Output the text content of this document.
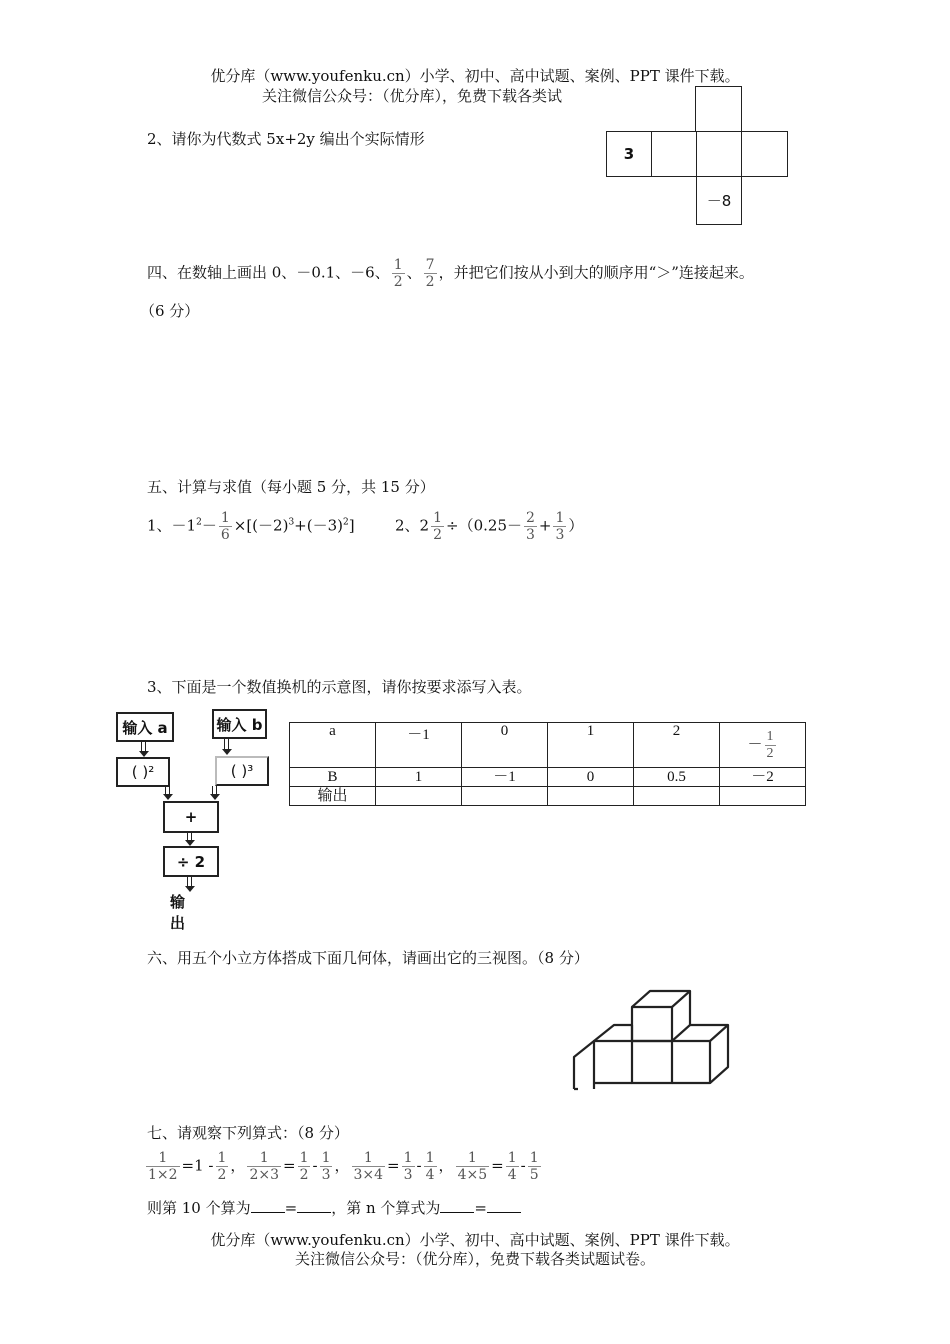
优分库（www.youfenku.cn）小学、初中、高中试题、案例、PPT 课件下载。
关注微信公众号：（优分库），免费下载各类试
2、请你为代数式 5x+2y 编出个实际情形
3
－8
四、在数轴上画出 0、－0.1、－6、 $\frac{1}{2}$ 、 $\frac{7}{2}$ ，并把它们按从小到大的顺序用“＞”连接起来。
（6 分）
五、计算与求值（每小题 5 分，共 15 分）
1、$-1^2- \frac{1}{6} \times[(-2)^3+(-3)^2]$	2、$2 \frac{1}{2} \div(0.25- \frac{2}{3} + \frac{1}{3}$ ）
3、下面是一个数值换机的示意图，请你按要求添写入表。
输入 a
( )²
输入 b
( )³
+
÷ 2
输出
a	－1	0	1	2	－ $\frac{1}{2}$

B	1	－1	0	0.5	－2
输出					
六、用五个小立方体搭成下面几何体，请画出它的三视图。（8 分）
七、请观察下列算式：（8 分）
$\frac{1}{1\times 2} =1 - \frac{1}{2}$ ， $\frac{1}{2\times 3} = \frac{1}{2} - \frac{1}{3}$ ， $\frac{1}{3\times 4} = \frac{1}{3} - \frac{1}{4}$ ， $\frac{1}{4\times 5} = \frac{1}{4} - \frac{1}{5}$
则第 10 个算为 = ，第 n 个算式为 =
优分库（www.youfenku.cn）小学、初中、高中试题、案例、PPT 课件下载。
关注微信公众号：（优分库），免费下载各类试题试卷。
